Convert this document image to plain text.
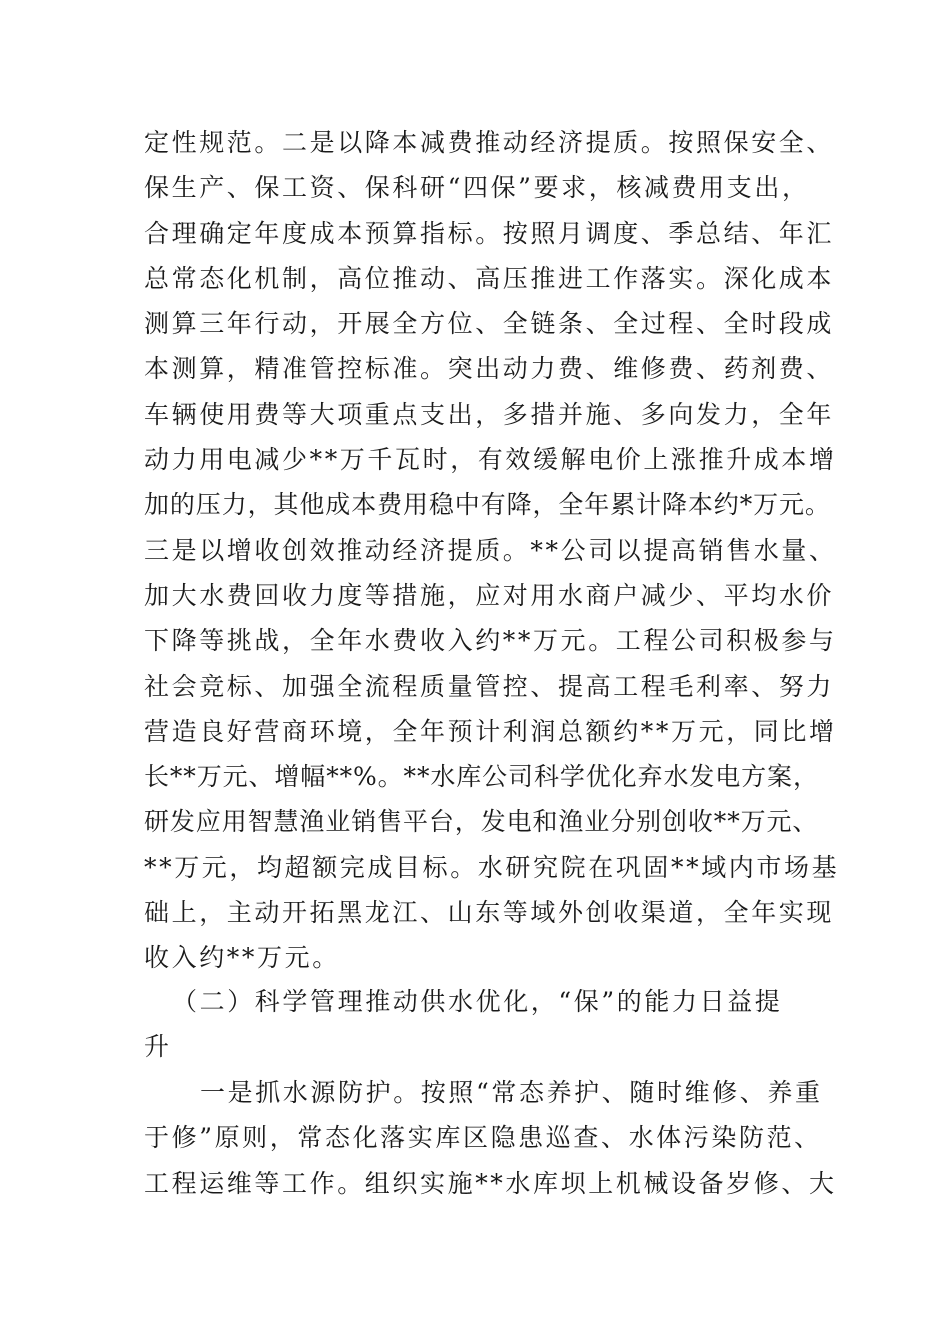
定性规范。二是以降本减费推动经济提质。按照保安全、
保生产、保工资、保科研“四保”要求，核减费用支出，
合理确定年度成本预算指标。按照月调度、季总结、年汇
总常态化机制，高位推动、高压推进工作落实。深化成本
测算三年行动，开展全方位、全链条、全过程、全时段成
本测算，精准管控标准。突出动力费、维修费、药剂费、
车辆使用费等大项重点支出，多措并施、多向发力，全年
动力用电减少**万千瓦时，有效缓解电价上涨推升成本增
加的压力，其他成本费用稳中有降，全年累计降本约*万元。
三是以增收创效推动经济提质。**公司以提高销售水量、
加大水费回收力度等措施，应对用水商户减少、平均水价
下降等挑战，全年水费收入约**万元。工程公司积极参与
社会竞标、加强全流程质量管控、提高工程毛利率、努力
营造良好营商环境，全年预计利润总额约**万元，同比增
长**万元、增幅**%。**水库公司科学优化弃水发电方案，
研发应用智慧渔业销售平台，发电和渔业分别创收**万元、
**万元，均超额完成目标。水研究院在巩固**域内市场基
础上，主动开拓黑龙江、山东等域外创收渠道，全年实现
收入约**万元。
（二）科学管理推动供水优化，“保”的能力日益提
升
一是抓水源防护。按照“常态养护、随时维修、养重
于修”原则，常态化落实库区隐患巡查、水体污染防范、
工程运维等工作。组织实施**水库坝上机械设备岁修、大
